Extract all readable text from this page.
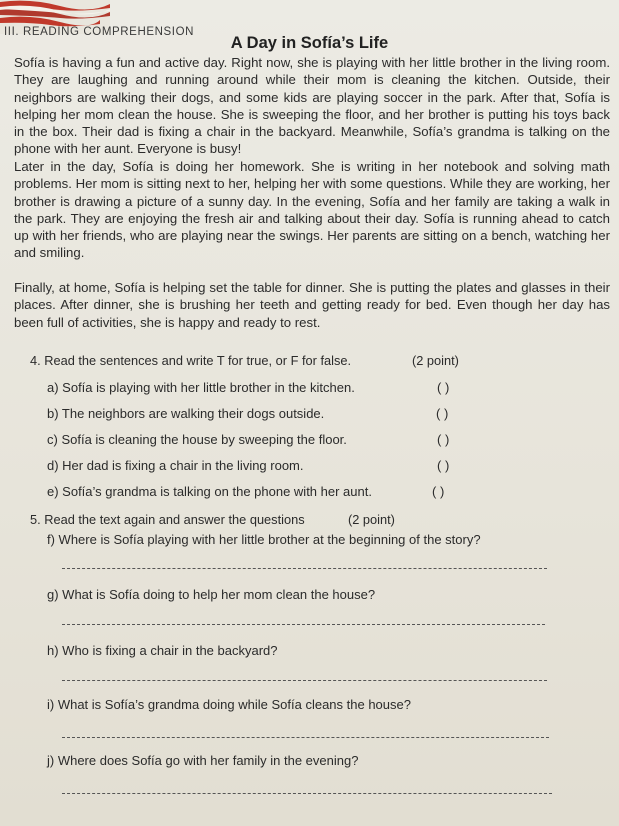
III. READING COMPREHENSION
A Day in Sofía’s Life

Sofía is having a fun and active day. Right now, she is playing with her little brother in the living room. They are laughing and running around while their mom is cleaning the kitchen. Outside, their neighbors are walking their dogs, and some kids are playing soccer in the park. After that, Sofía is helping her mom clean the house. She is sweeping the floor, and her brother is putting his toys back in the box. Their dad is fixing a chair in the backyard. Meanwhile, Sofía’s grandma is talking on the phone with her aunt. Everyone is busy!

Later in the day, Sofía is doing her homework. She is writing in her notebook and solving math problems. Her mom is sitting next to her, helping her with some questions. While they are working, her brother is drawing a picture of a sunny day. In the evening, Sofía and her family are taking a walk in the park. They are enjoying the fresh air and talking about their day. Sofía is running ahead to catch up with her friends, who are playing near the swings. Her parents are sitting on a bench, watching her and smiling.

Finally, at home, Sofía is helping set the table for dinner. She is putting the plates and glasses in their places. After dinner, she is brushing her teeth and getting ready for bed. Even though her day has been full of activities, she is happy and ready to rest.

4. Read the sentences and write T for true, or F for false.	(2 point)
a) Sofía is playing with her little brother in the kitchen.	( )
b) The neighbors are walking their dogs outside.	( )
c) Sofía is cleaning the house by sweeping the floor.	( )
d) Her dad is fixing a chair in the living room.	( )
e) Sofía’s grandma is talking on the phone with her aunt.	( )
5. Read the text again and answer the questions	(2 point)
f) Where is Sofía playing with her little brother at the beginning of the story?
g) What is Sofía doing to help her mom clean the house?
h) Who is fixing a chair in the backyard?
i) What is Sofía’s grandma doing while Sofía cleans the house?
j) Where does Sofía go with her family in the evening?
